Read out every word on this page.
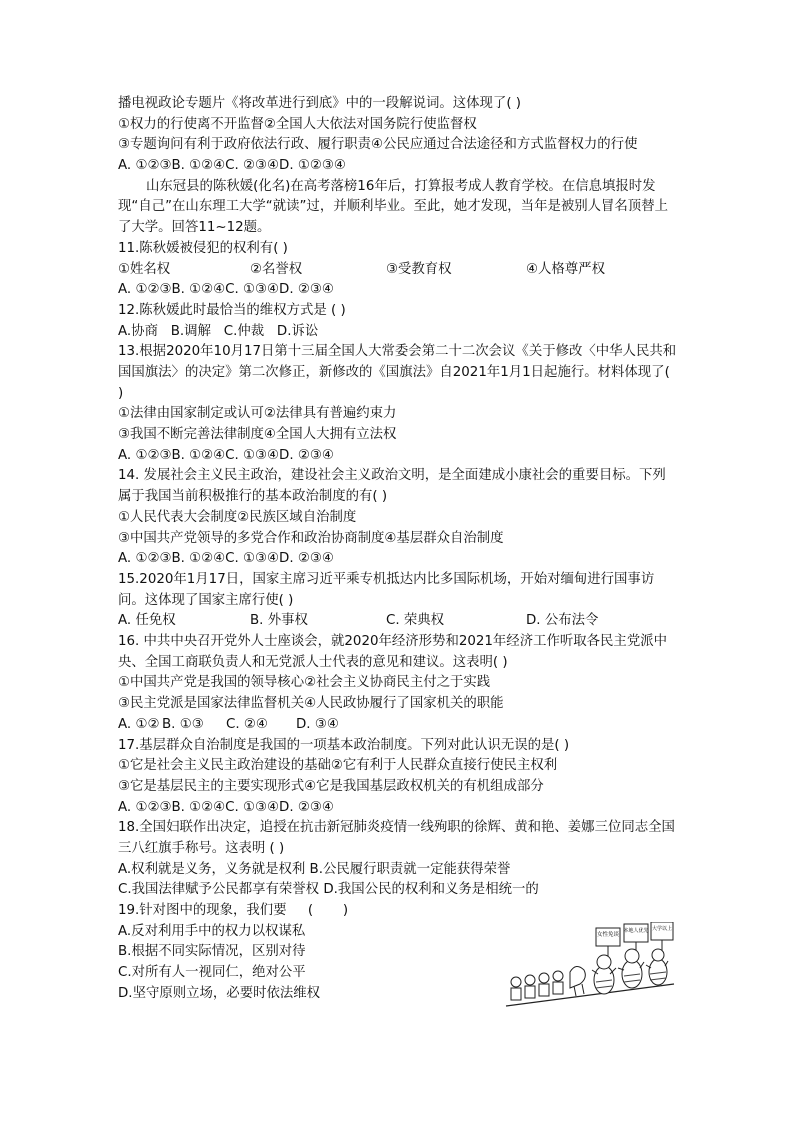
播电视政论专题片《将改革进行到底》中的一段解说词。这体现了( )
①权力的行使离不开监督②全国人大依法对国务院行使监督权
③专题询问有利于政府依法行政、履行职责④公民应通过合法途径和方式监督权力的行使
A. ①②③B. ①②④C. ②③④D. ①②③④
山东冠县的陈秋媛(化名)在高考落榜16年后，打算报考成人教育学校。在信息填报时发现“自己”在山东理工大学“就读”过，并顺利毕业。至此，她才发现，当年是被别人冒名顶替上了大学。回答11~12题。
11.陈秋媛被侵犯的权利有( )
①姓名权	②名誉权	③受教育权	④人格尊严权
A. ①②③B. ①②④C. ①③④D. ②③④
12.陈秋媛此时最恰当的维权方式是 ( )
A.协商   B.调解   C.仲裁   D.诉讼
13.根据2020年10月17日第十三届全国人大常委会第二十二次会议《关于修改〈中华人民共和国国旗法〉的决定》第二次修正，新修改的《国旗法》自2021年1月1日起施行。材料体现了( )
①法律由国家制定或认可②法律具有普遍约束力
③我国不断完善法律制度④全国人大拥有立法权
A. ①②③B. ①②④C. ①③④D. ②③④
14. 发展社会主义民主政治，建设社会主义政治文明，是全面建成小康社会的重要目标。下列属于我国当前积极推行的基本政治制度的有( )
①人民代表大会制度②民族区域自治制度
③中国共产党领导的多党合作和政治协商制度④基层群众自治制度
A. ①②③B. ①②④C. ①③④D. ②③④
15.2020年1月17日，国家主席习近平乘专机抵达内比多国际机场，开始对缅甸进行国事访问。这体现了国家主席行使( )
A. 任免权	B. 外事权	C. 荣典权	D. 公布法令
16. 中共中央召开党外人士座谈会，就2020年经济形势和2021年经济工作听取各民主党派中央、全国工商联负责人和无党派人士代表的意见和建议。这表明( )
①中国共产党是我国的领导核心②社会主义协商民主付之于实践
③民主党派是国家法律监督机关④人民政协履行了国家机关的职能
A. ①② B. ①③	C. ②④	D. ③④
17.基层群众自治制度是我国的一项基本政治制度。下列对此认识无误的是( )
①它是社会主义民主政治建设的基础②它有利于人民群众直接行使民主权利
③它是基层民主的主要实现形式④它是我国基层政权机关的有机组成部分
A. ①②③B. ①②④C. ①③④D. ②③④
18.全国妇联作出决定，追授在抗击新冠肺炎疫情一线殉职的徐辉、黄和艳、姜娜三位同志全国三八红旗手称号。这表明 ( )
A.权利就是义务，义务就是权利 B.公民履行职责就一定能获得荣誉
C.我国法律赋予公民都享有荣誉权 D.我国公民的权利和义务是相统一的
19.针对图中的现象，我们要     (       )
A.反对利用手中的权力以权谋私
B.根据不同实际情况，区别对待
C.对所有人一视同仁，绝对公平
D.坚守原则立场，必要时依法维权
女性免谈
本地人优先 大学以上
